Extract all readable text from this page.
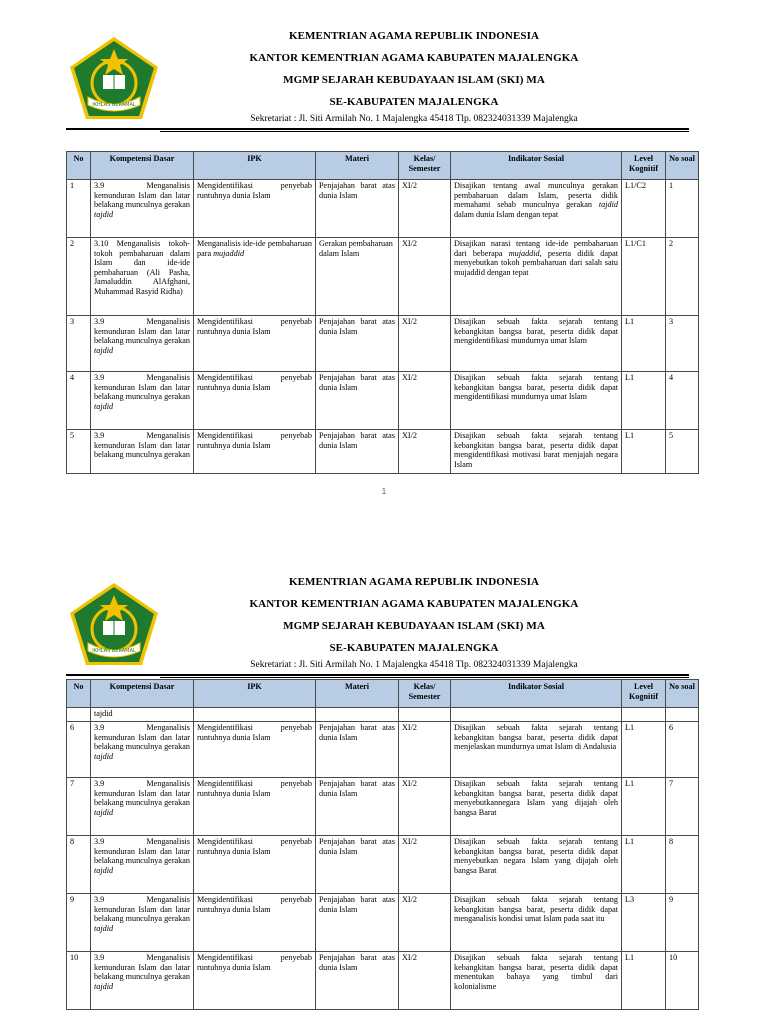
IKHLAS BERAMAL
KEMENTRIAN AGAMA REPUBLIK INDONESIA
KANTOR KEMENTRIAN AGAMA KABUPATEN MAJALENGKA
MGMP SEJARAH KEBUDAYAAN ISLAM (SKI) MA
SE-KABUPATEN MAJALENGKA
Sekretariat : Jl. Siti Armilah No. 1 Majalengka 45418 Tlp. 082324031339 Majalengka
No	Kompetensi Dasar	IPK	Materi	Kelas/ Semester	Indikator Sosial	Level Kognitif	No soal
1	3.9 Menganalisis kemunduran Islam dan latar belakang munculnya gerakan tajdid	Mengidentifikasi penyebab runtuhnya dunia Islam	Penjajahan barat atas dunia Islam	XI/2	Disajikan tentang awal munculnya gerakan pembaharuan dalam Islam, peserta didik memahami sebab munculnya gerakan tajdid dalam dunia Islam dengan tepat	L1/C2	1
2	3.10 Menganalisis tokoh-tokoh pembaharuan dalam Islam dan ide-ide pembaharuan (Ali Pasha, Jamaluddin AlAfghani, Muhammad Rasyid Ridha)	Menganalisis ide-ide pembaharuan para mujaddid	Gerakan pembaharuan dalam Islam	XI/2	Disajikan narasi tentang ide-ide pembaharuan dari beberapa mujaddid, peserta didik dapat menyebutkan tokoh pembaharuan dari salah satu mujaddid dengan tepat	L1/C1	2
3	3.9 Menganalisis kemunduran Islam dan latar belakang munculnya gerakan tajdid	Mengidentifikasi penyebab runtuhnya dunia Islam	Penjajahan barat atas dunia Islam	XI/2	Disajikan sebuah fakta sejarah tentang kebangkitan bangsa barat, peserta didik dapat mengidentifikasi mundurnya umat Islam	L1	3
4	3.9 Menganalisis kemunduran Islam dan latar belakang munculnya gerakan tajdid	Mengidentifikasi penyebab runtuhnya dunia Islam	Penjajahan barat atas dunia Islam	XI/2	Disajikan sebuah fakta sejarah tentang kebangkitan bangsa barat, peserta didik dapat mengidentifikasi mundurnya umat Islam	L1	4
5	3.9 Menganalisis kemunduran Islam dan latar belakang munculnya gerakan	Mengidentifikasi penyebab runtuhnya dunia Islam	Penjajahan barat atas dunia Islam	XI/2	Disajikan sebuah fakta sejarah tentang kebangkitan bangsa barat, peserta didik dapat mengidentifikasi motivasi barat menjajah negara Islam	L1	5
1
IKHLAS BERAMAL
KEMENTRIAN AGAMA REPUBLIK INDONESIA
KANTOR KEMENTRIAN AGAMA KABUPATEN MAJALENGKA
MGMP SEJARAH KEBUDAYAAN ISLAM (SKI) MA
SE-KABUPATEN MAJALENGKA
Sekretariat : Jl. Siti Armilah No. 1 Majalengka 45418 Tlp. 082324031339 Majalengka
No	Kompetensi Dasar	IPK	Materi	Kelas/ Semester	Indikator Sosial	Level Kognitif	No soal
	tajdid						
6	3.9 Menganalisis kemunduran Islam dan latar belakang munculnya gerakan tajdid	Mengidentifikasi penyebab runtuhnya dunia Islam	Penjajahan barat atas dunia Islam	XI/2	Disajikan sebuah fakta sejarah tentang kebangkitan bangsa barat, peserta didik dapat menjelaskan mundurnya umat Islam di Andalusia	L1	6
7	3.9 Menganalisis kemunduran Islam dan latar belakang munculnya gerakan tajdid	Mengidentifikasi penyebab runtuhnya dunia Islam	Penjajahan barat atas dunia Islam	XI/2	Disajikan sebuah fakta sejarah tentang kebangkitan bangsa barat, peserta didik dapat menyebutkannegara Islam yang dijajah oleh bangsa Barat	L1	7
8	3.9 Menganalisis kemunduran Islam dan latar belakang munculnya gerakan tajdid	Mengidentifikasi penyebab runtuhnya dunia Islam	Penjajahan barat atas dunia Islam	XI/2	Disajikan sebuah fakta sejarah tentang kebangkitan bangsa barat, peserta didik dapat menyebutkan negara Islam yang dijajah oleh bangsa Barat	L1	8
9	3.9 Menganalisis kemunduran Islam dan latar belakang munculnya gerakan tajdid	Mengidentifikasi penyebab runtuhnya dunia Islam	Penjajahan barat atas dunia Islam	XI/2	Disajikan sebuah fakta sejarah tentang kebangkitan bangsa barat, peserta didik dapat menganalisis kondisi umat Islam pada saat itu	L3	9
10	3.9 Menganalisis kemunduran Islam dan latar belakang munculnya gerakan tajdid	Mengidentifikasi penyebab runtuhnya dunia Islam	Penjajahan barat atas dunia Islam	XI/2	Disajikan sebuah fakta sejarah tentang kebangkitan bangsa barat, peserta didik dapat menentukan bahaya yang timbul dari kolonialisme	L1	10
